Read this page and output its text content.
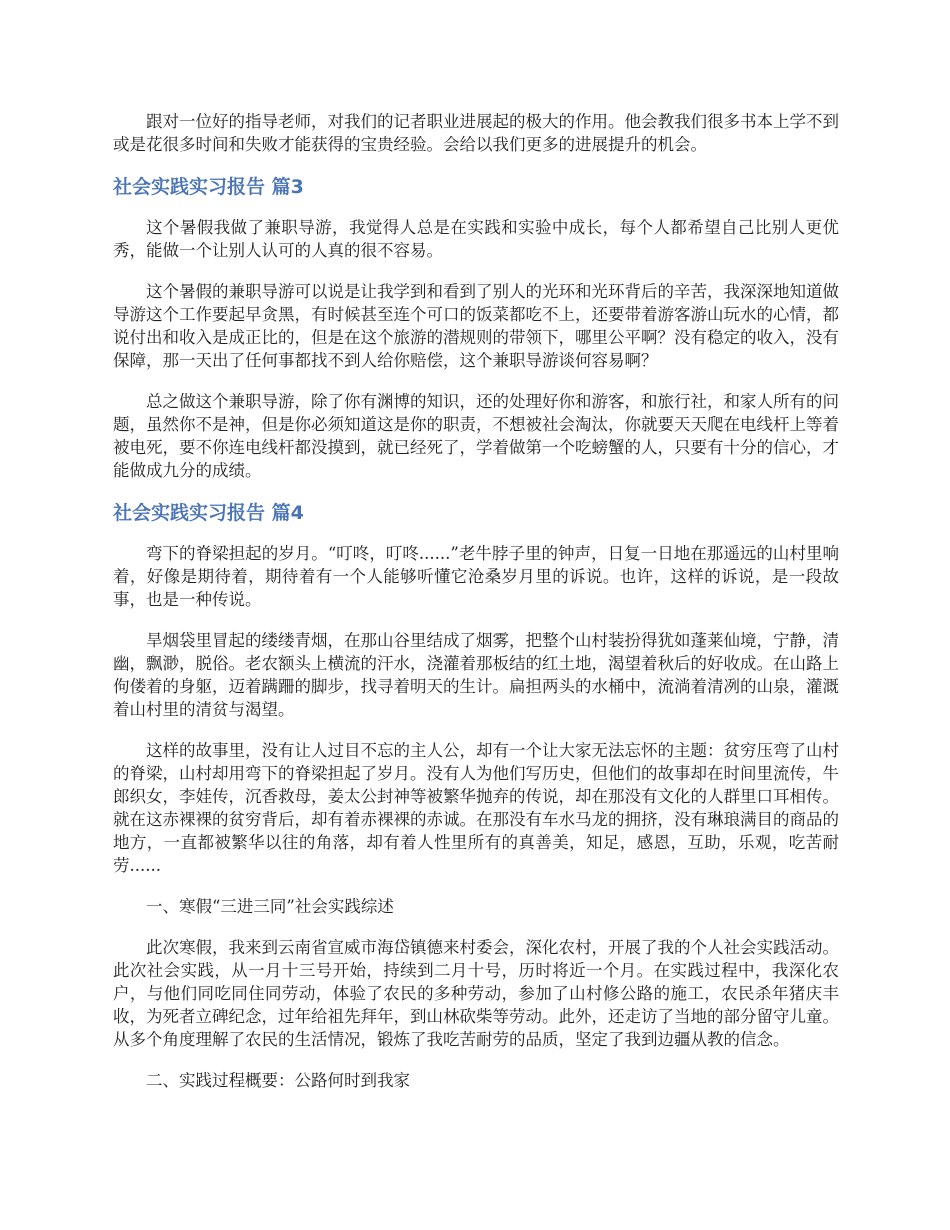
跟对一位好的指导老师，对我们的记者职业进展起的极大的作用。他会教我们很多书本上学不到或是花很多时间和失败才能获得的宝贵经验。会给以我们更多的进展提升的机会。

社会实践实习报告 篇3

这个暑假我做了兼职导游，我觉得人总是在实践和实验中成长，每个人都希望自己比别人更优秀，能做一个让别人认可的人真的很不容易。

这个暑假的兼职导游可以说是让我学到和看到了别人的光环和光环背后的辛苦，我深深地知道做导游这个工作要起早贪黑，有时候甚至连个可口的饭菜都吃不上，还要带着游客游山玩水的心情，都说付出和收入是成正比的，但是在这个旅游的潜规则的带领下，哪里公平啊？没有稳定的收入，没有保障，那一天出了任何事都找不到人给你赔偿，这个兼职导游谈何容易啊？

总之做这个兼职导游，除了你有渊博的知识，还的处理好你和游客，和旅行社，和家人所有的问题，虽然你不是神，但是你必须知道这是你的职责，不想被社会淘汰，你就要天天爬在电线杆上等着被电死，要不你连电线杆都没摸到，就已经死了，学着做第一个吃螃蟹的人，只要有十分的信心，才能做成九分的成绩。

社会实践实习报告 篇4

弯下的脊梁担起的岁月。“叮咚，叮咚......”老牛脖子里的钟声，日复一日地在那遥远的山村里响着，好像是期待着，期待着有一个人能够听懂它沧桑岁月里的诉说。也许，这样的诉说，是一段故事，也是一种传说。

旱烟袋里冒起的缕缕青烟，在那山谷里结成了烟雾，把整个山村装扮得犹如蓬莱仙境，宁静，清幽，飘渺，脱俗。老农额头上横流的汗水，浇灌着那板结的红土地，渴望着秋后的好收成。在山路上佝偻着的身躯，迈着蹒跚的脚步，找寻着明天的生计。扁担两头的水桶中，流淌着清冽的山泉，灌溉着山村里的清贫与渴望。

这样的故事里，没有让人过目不忘的主人公，却有一个让大家无法忘怀的主题：贫穷压弯了山村的脊梁，山村却用弯下的脊梁担起了岁月。没有人为他们写历史，但他们的故事却在时间里流传，牛郎织女，李娃传，沉香救母，姜太公封神等被繁华抛弃的传说，却在那没有文化的人群里口耳相传。就在这赤裸裸的贫穷背后，却有着赤裸裸的赤诚。在那没有车水马龙的拥挤，没有琳琅满目的商品的地方，一直都被繁华以往的角落，却有着人性里所有的真善美，知足，感恩，互助，乐观，吃苦耐劳......

一、寒假“三进三同”社会实践综述

此次寒假，我来到云南省宣威市海岱镇德来村委会，深化农村，开展了我的个人社会实践活动。此次社会实践，从一月十三号开始，持续到二月十号，历时将近一个月。在实践过程中，我深化农户，与他们同吃同住同劳动，体验了农民的多种劳动，参加了山村修公路的施工，农民杀年猪庆丰收，为死者立碑纪念，过年给祖先拜年，到山林砍柴等劳动。此外，还走访了当地的部分留守儿童。从多个角度理解了农民的生活情况，锻炼了我吃苦耐劳的品质，坚定了我到边疆从教的信念。

二、实践过程概要：公路何时到我家
